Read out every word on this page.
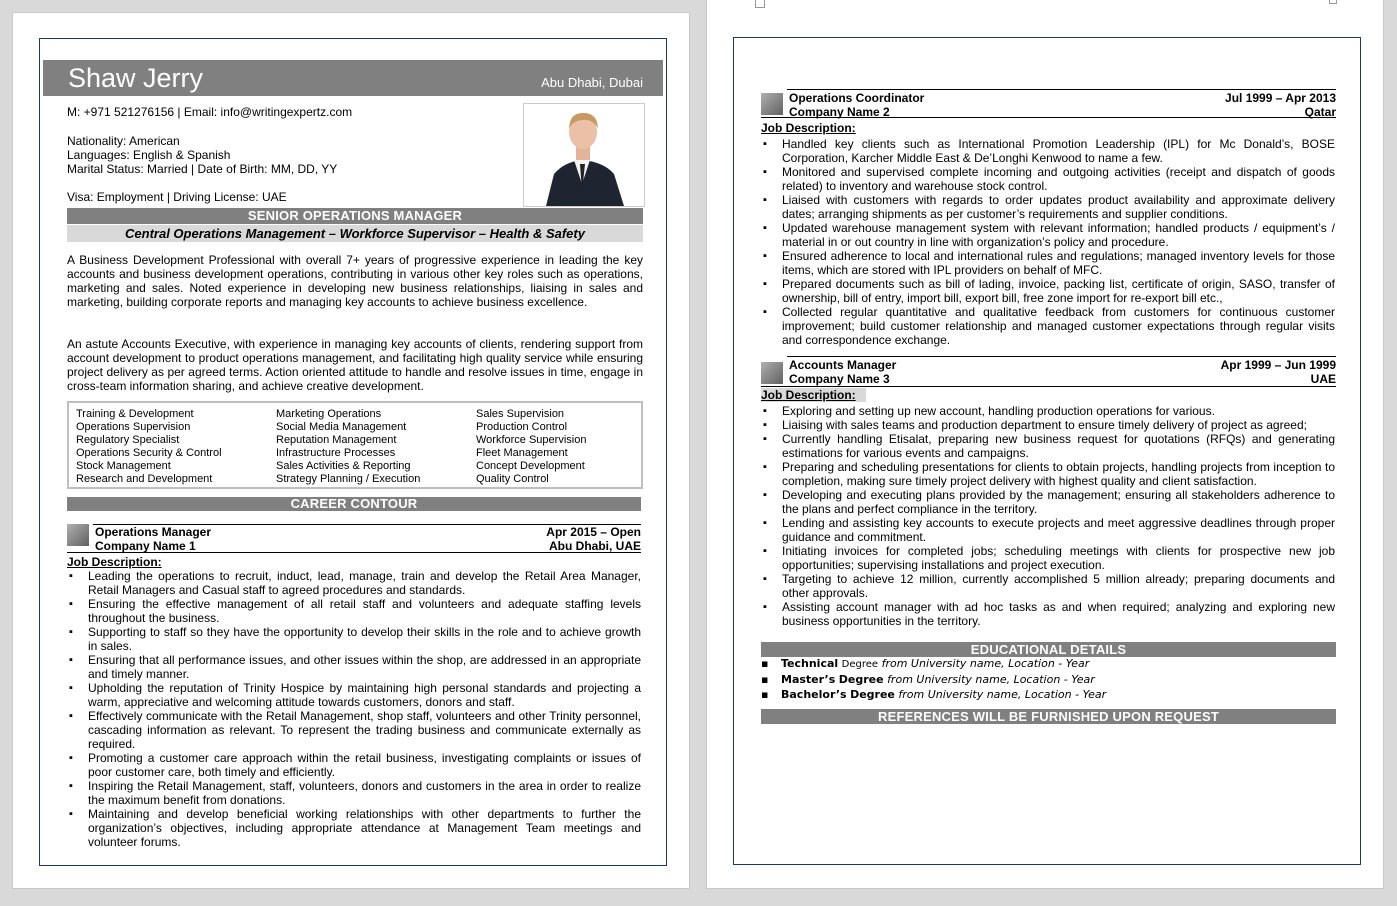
Shaw Jerry	Abu Dhabi, Dubai
M: +971 521276156 | Email: info@writingexpertz.com
Nationality: American
Languages: English & Spanish
Marital Status: Married | Date of Birth: MM, DD, YY
Visa: Employment | Driving License: UAE
SENIOR OPERATIONS MANAGER
Central Operations Management – Workforce Supervisor – Health & Safety
A Business Development Professional with overall 7+ years of progressive experience in leading the key accounts and business development operations, contributing in various other key roles such as operations, marketing and sales. Noted experience in developing new business relationships, liaising in sales and marketing, building corporate reports and managing key accounts to achieve business excellence.
An astute Accounts Executive, with experience in managing key accounts of clients, rendering support from account development to product operations management, and facilitating high quality service while ensuring project delivery as per agreed terms. Action oriented attitude to handle and resolve issues in time, engage in cross-team information sharing, and achieve creative development.
Training & Development
Operations Supervision
Regulatory Specialist
Operations Security & Control
Stock Management
Research and Development
Marketing Operations
Social Media Management
Reputation Management
Infrastructure Processes
Sales Activities & Reporting
Strategy Planning / Execution
Sales Supervision
Production Control
Workforce Supervision
Fleet Management
Concept Development
Quality Control
CAREER CONTOUR
Operations Manager
Company Name 1
Apr 2015 – Open
Abu Dhabi, UAE
Job Description:
▪ Leading the operations to recruit, induct, lead, manage, train and develop the Retail Area Manager, Retail Managers and Casual staff to agreed procedures and standards.
▪ Ensuring the effective management of all retail staff and volunteers and adequate staffing levels throughout the business.
▪ Supporting to staff so they have the opportunity to develop their skills in the role and to achieve growth in sales.
▪ Ensuring that all performance issues, and other issues within the shop, are addressed in an appropriate and timely manner.
▪ Upholding the reputation of Trinity Hospice by maintaining high personal standards and projecting a warm, appreciative and welcoming attitude towards customers, donors and staff.
▪ Effectively communicate with the Retail Management, shop staff, volunteers and other Trinity personnel, cascading information as relevant. To represent the trading business and communicate externally as required.
▪ Promoting a customer care approach within the retail business, investigating complaints or issues of poor customer care, both timely and efficiently.
▪ Inspiring the Retail Management, staff, volunteers, donors and customers in the area in order to realize the maximum benefit from donations.
▪ Maintaining and develop beneficial working relationships with other departments to further the organization’s objectives, including appropriate attendance at Management Team meetings and volunteer forums.
Operations Coordinator
Company Name 2
Jul 1999 – Apr 2013
Qatar
Job Description:
▪ Handled key clients such as International Promotion Leadership (IPL) for Mc Donald’s, BOSE Corporation, Karcher Middle East & De’Longhi Kenwood to name a few.
▪ Monitored and supervised complete incoming and outgoing activities (receipt and dispatch of goods related) to inventory and warehouse stock control.
▪ Liaised with customers with regards to order updates product availability and approximate delivery dates; arranging shipments as per customer’s requirements and supplier conditions.
▪ Updated warehouse management system with relevant information; handled products / equipment’s / material in or out country in line with organization’s policy and procedure.
▪ Ensured adherence to local and international rules and regulations; managed inventory levels for those items, which are stored with IPL providers on behalf of MFC.
▪ Prepared documents such as bill of lading, invoice, packing list, certificate of origin, SASO, transfer of ownership, bill of entry, import bill, export bill, free zone import for re-export bill etc.,
▪ Collected regular quantitative and qualitative feedback from customers for continuous customer improvement; build customer relationship and managed customer expectations through regular visits and correspondence exchange.
Accounts Manager
Company Name 3
Apr 1999 – Jun 1999
UAE
Job Description:
▪ Exploring and setting up new account, handling production operations for various.
▪ Liaising with sales teams and production department to ensure timely delivery of project as agreed;
▪ Currently handling Etisalat, preparing new business request for quotations (RFQs) and generating estimations for various events and campaigns.
▪ Preparing and scheduling presentations for clients to obtain projects, handling projects from inception to completion, making sure timely project delivery with highest quality and client satisfaction.
▪ Developing and executing plans provided by the management; ensuring all stakeholders adherence to the plans and perfect compliance in the territory.
▪ Lending and assisting key accounts to execute projects and meet aggressive deadlines through proper guidance and commitment.
▪ Initiating invoices for completed jobs; scheduling meetings with clients for prospective new job opportunities; supervising installations and project execution.
▪ Targeting to achieve 12 million, currently accomplished 5 million already; preparing documents and other approvals.
▪ Assisting account manager with ad hoc tasks as and when required; analyzing and exploring new business opportunities in the territory.
EDUCATIONAL DETAILS
▪ Technical Degree from University name, Location - Year
▪ Master’s Degree from University name, Location - Year
▪ Bachelor’s Degree from University name, Location - Year
REFERENCES WILL BE FURNISHED UPON REQUEST
